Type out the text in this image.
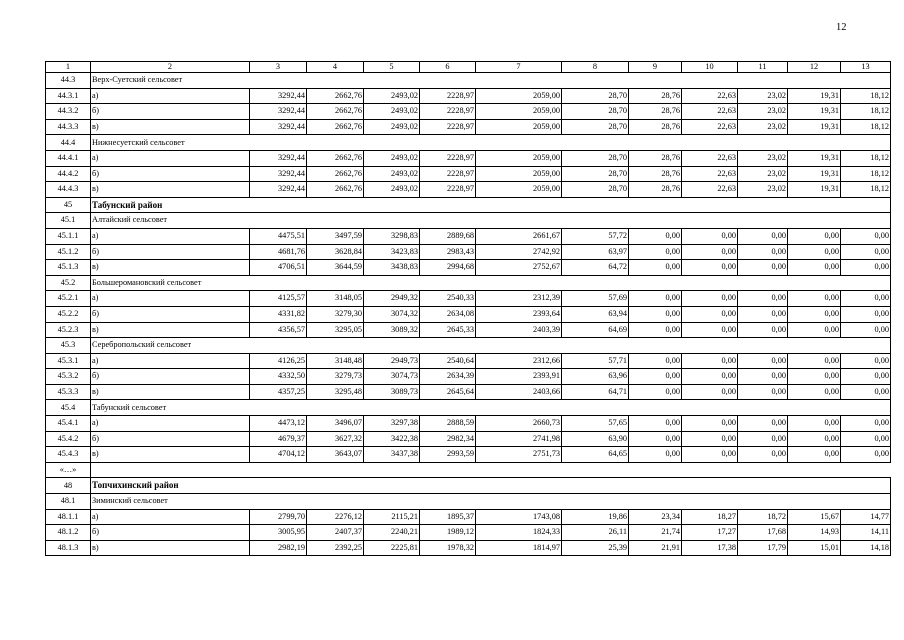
12
1	2	3	4	5	6	7	8	9	10	11	12	13
44.3	Верх-Суетский сельсовет											
44.3.1	а)	3292,44	2662,76	2493,02	2228,97	2059,00	28,70	28,76	22,63	23,02	19,31	18,12
44.3.2	б)	3292,44	2662,76	2493,02	2228,97	2059,00	28,70	28,76	22,63	23,02	19,31	18,12
44.3.3	в)	3292,44	2662,76	2493,02	2228,97	2059,00	28,70	28,76	22,63	23,02	19,31	18,12
44.4	Нижнесуетский сельсовет											
44.4.1	а)	3292,44	2662,76	2493,02	2228,97	2059,00	28,70	28,76	22,63	23,02	19,31	18,12
44.4.2	б)	3292,44	2662,76	2493,02	2228,97	2059,00	28,70	28,76	22,63	23,02	19,31	18,12
44.4.3	в)	3292,44	2662,76	2493,02	2228,97	2059,00	28,70	28,76	22,63	23,02	19,31	18,12
45	Табунский район											
45.1	Алтайский сельсовет											
45.1.1	а)	4475,51	3497,59	3298,83	2889,68	2661,67	57,72	0,00	0,00	0,00	0,00	0,00
45.1.2	б)	4681,76	3628,84	3423,83	2983,43	2742,92	63,97	0,00	0,00	0,00	0,00	0,00
45.1.3	в)	4706,51	3644,59	3438,83	2994,68	2752,67	64,72	0,00	0,00	0,00	0,00	0,00
45.2	Большеромановский сельсовет											
45.2.1	а)	4125,57	3148,05	2949,32	2540,33	2312,39	57,69	0,00	0,00	0,00	0,00	0,00
45.2.2	б)	4331,82	3279,30	3074,32	2634,08	2393,64	63,94	0,00	0,00	0,00	0,00	0,00
45.2.3	в)	4356,57	3295,05	3089,32	2645,33	2403,39	64,69	0,00	0,00	0,00	0,00	0,00
45.3	Серебропольский сельсовет											
45.3.1	а)	4126,25	3148,48	2949,73	2540,64	2312,66	57,71	0,00	0,00	0,00	0,00	0,00
45.3.2	б)	4332,50	3279,73	3074,73	2634,39	2393,91	63,96	0,00	0,00	0,00	0,00	0,00
45.3.3	в)	4357,25	3295,48	3089,73	2645,64	2403,66	64,71	0,00	0,00	0,00	0,00	0,00
45.4	Табунский сельсовет											
45.4.1	а)	4473,12	3496,07	3297,38	2888,59	2660,73	57,65	0,00	0,00	0,00	0,00	0,00
45.4.2	б)	4679,37	3627,32	3422,38	2982,34	2741,98	63,90	0,00	0,00	0,00	0,00	0,00
45.4.3	в)	4704,12	3643,07	3437,38	2993,59	2751,73	64,65	0,00	0,00	0,00	0,00	0,00
«…»												
48	Топчихинский район											
48.1	Зиминский сельсовет											
48.1.1	а)	2799,70	2276,12	2115,21	1895,37	1743,08	19,86	23,34	18,27	18,72	15,67	14,77
48.1.2	б)	3005,95	2407,37	2240,21	1989,12	1824,33	26,11	21,74	17,27	17,68	14,93	14,11
48.1.3	в)	2982,19	2392,25	2225,81	1978,32	1814,97	25,39	21,91	17,38	17,79	15,01	14,18
